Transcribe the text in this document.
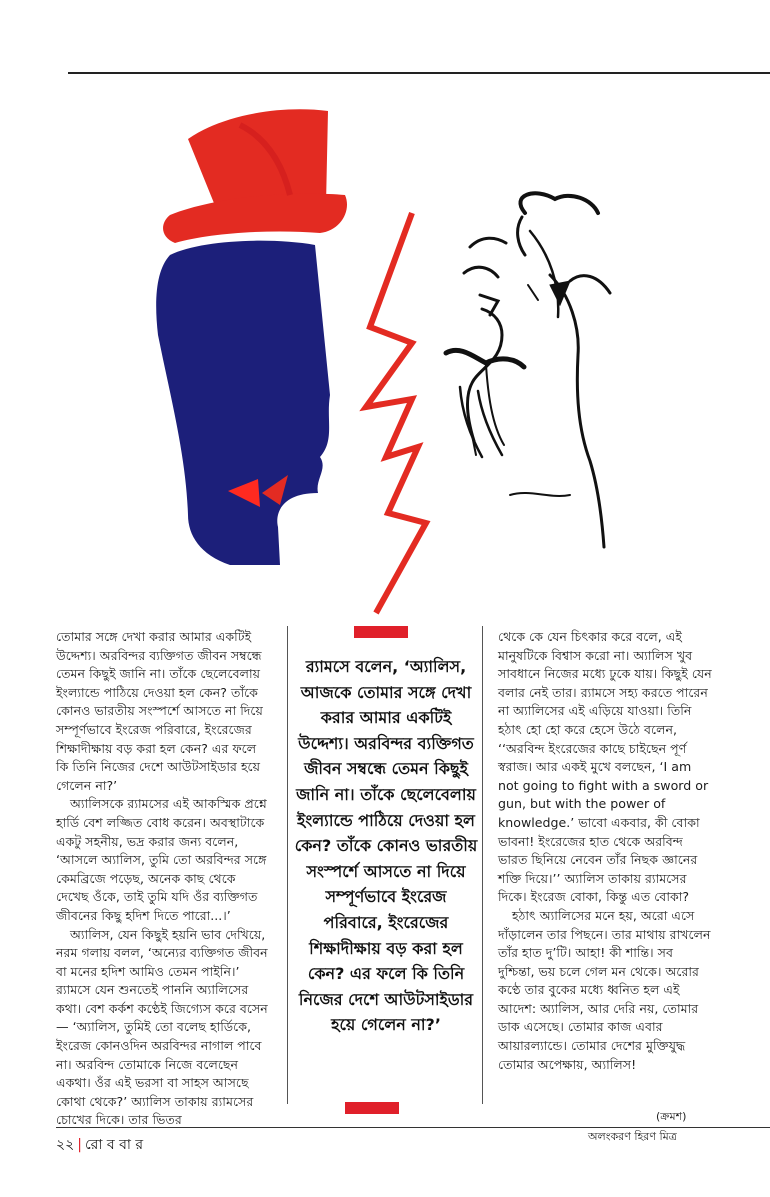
তোমার সঙ্গে দেখা করার আমার একটিই উদ্দেশ্য। অরবিন্দর ব্যক্তিগত জীবন সম্বন্ধে তেমন কিছুই জানি না। তাঁকে ছেলেবেলায় ইংল্যান্ডে পাঠিয়ে দেওয়া হল কেন? তাঁকে কোনও ভারতীয় সংস্পর্শে আসতে না দিয়ে সম্পূর্ণভাবে ইংরেজ পরিবারে, ইংরেজের শিক্ষাদীক্ষায় বড় করা হল কেন? এর ফলে কি তিনি নিজের দেশে আউটসাইডার হয়ে গেলেন না?’

অ্যালিসকে র‍্যামসের এই আকস্মিক প্রশ্নে হার্ডি বেশ লজ্জিত বোধ করেন। অবস্থাটাকে একটু সহনীয়, ভদ্র করার জন্য বলেন, ‘আসলে অ্যালিস, তুমি তো অরবিন্দর সঙ্গে কেমব্রিজে পড়েছ, অনেক কাছ থেকে দেখেছ ওঁকে, তাই তুমি যদি ওঁর ব্যক্তিগত জীবনের কিছু হদিশ দিতে পারো...।’

অ্যালিস, যেন কিছুই হয়নি ভাব দেখিয়ে, নরম গলায় বলল, ‘অন্যের ব্যক্তিগত জীবন বা মনের হদিশ আমিও তেমন পাইনি।’ র‍্যামসে যেন শুনতেই পাননি অ্যালিসের কথা। বেশ কর্কশ কণ্ঠেই জিগ্যেস করে বসেন— ‘অ্যালিস, তুমিই তো বলেছ হার্ডিকে, ইংরেজ কোনওদিন অরবিন্দর নাগাল পাবে না। অরবিন্দ তোমাকে নিজে বলেছেন একথা। ওঁর এই ভরসা বা সাহস আসছে কোথা থেকে?’ অ্যালিস তাকায় র‍্যামসের চোখের দিকে। তার ভিতর

র‍্যামসে বলেন, ‘অ্যালিস, আজকে তোমার সঙ্গে দেখা করার আমার একটিই উদ্দেশ্য। অরবিন্দর ব্যক্তিগত জীবন সম্বন্ধে তেমন কিছুই জানি না। তাঁকে ছেলেবেলায় ইংল্যান্ডে পাঠিয়ে দেওয়া হল কেন? তাঁকে কোনও ভারতীয় সংস্পর্শে আসতে না দিয়ে সম্পূর্ণভাবে ইংরেজ পরিবারে, ইংরেজের শিক্ষাদীক্ষায় বড় করা হল কেন? এর ফলে কি তিনি নিজের দেশে আউটসাইডার হয়ে গেলেন না?’

থেকে কে যেন চিৎকার করে বলে, এই মানুষটিকে বিশ্বাস করো না। অ্যালিস খুব সাবধানে নিজের মধ্যে ঢুকে যায়। কিছুই যেন বলার নেই তার। র‍্যামসে সহ্য করতে পারেন না অ্যালিসের এই এড়িয়ে যাওয়া। তিনি হঠাৎ হো হো করে হেসে উঠে বলেন, ‘‘অরবিন্দ ইংরেজের কাছে চাইছেন পূর্ণ স্বরাজ। আর একই মুখে বলছেন, ‘I am not going to fight with a sword or gun, but with the power of knowledge.’ ভাবো একবার, কী বোকা ভাবনা! ইংরেজের হাত থেকে অরবিন্দ ভারত ছিনিয়ে নেবেন তাঁর নিছক জ্ঞানের শক্তি দিয়ে।’’ অ্যালিস তাকায় র‍্যামসের দিকে। ইংরেজ বোকা, কিন্তু এত বোকা?

হঠাৎ অ্যালিসের মনে হয়, অরো এসে দাঁড়ালেন তার পিছনে। তার মাথায় রাখলেন তাঁর হাত দু’টি। আহা! কী শান্তি। সব দুশ্চিন্তা, ভয় চলে গেল মন থেকে। অরোর কণ্ঠে তার বুকের মধ্যে ধ্বনিত হল এই আদেশ: অ্যালিস, আর দেরি নয়, তোমার ডাক এসেছে। তোমার কাজ এবার আয়ারল্যান্ডে। তোমার দেশের মুক্তিযুদ্ধ তোমার অপেক্ষায়, অ্যালিস!

(ক্রমশ)
অলংকরণ হিরণ মিত্র
২২ | রো ব বা র
